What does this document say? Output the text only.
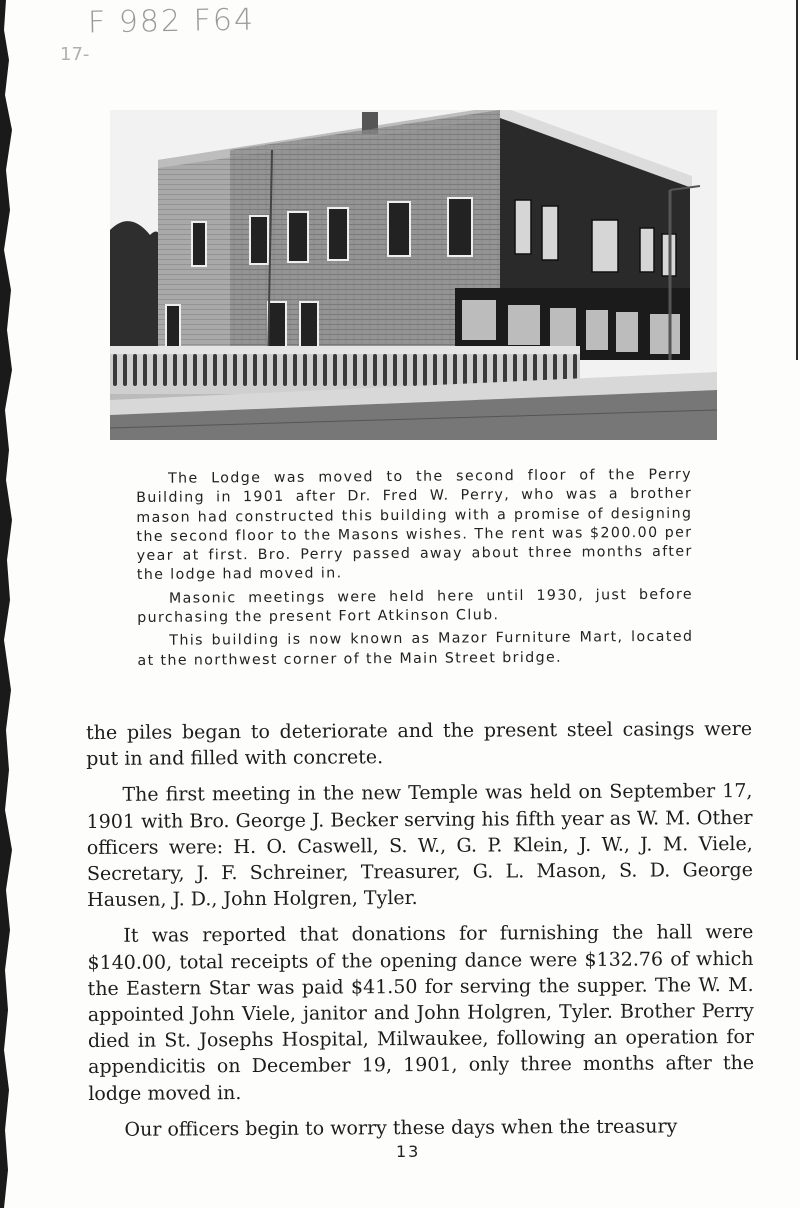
F 982 F64
17-

The Lodge was moved to the second floor of the Perry Building in 1901 after Dr. Fred W. Perry, who was a brother mason had constructed this building with a promise of designing the second floor to the Masons wishes. The rent was $200.00 per year at first. Bro. Perry passed away about three months after the lodge had moved in.

Masonic meetings were held here until 1930, just before purchasing the present Fort Atkinson Club.

This building is now known as Mazor Furniture Mart, located at the northwest corner of the Main Street bridge.

the piles began to deteriorate and the present steel casings were put in and filled with concrete.

The first meeting in the new Temple was held on September 17, 1901 with Bro. George J. Becker serving his fifth year as W. M. Other officers were: H. O. Caswell, S. W., G. P. Klein, J. W., J. M. Viele, Secretary, J. F. Schreiner, Treasurer, G. L. Mason, S. D. George Hausen, J. D., John Holgren, Tyler.

It was reported that donations for furnishing the hall were $140.00, total receipts of the opening dance were $132.76 of which the Eastern Star was paid $41.50 for serving the supper. The W. M. appointed John Viele, janitor and John Holgren, Tyler. Brother Perry died in St. Josephs Hospital, Milwaukee, following an operation for appendicitis on December 19, 1901, only three months after the lodge moved in.

Our officers begin to worry these days when the treasury

13
